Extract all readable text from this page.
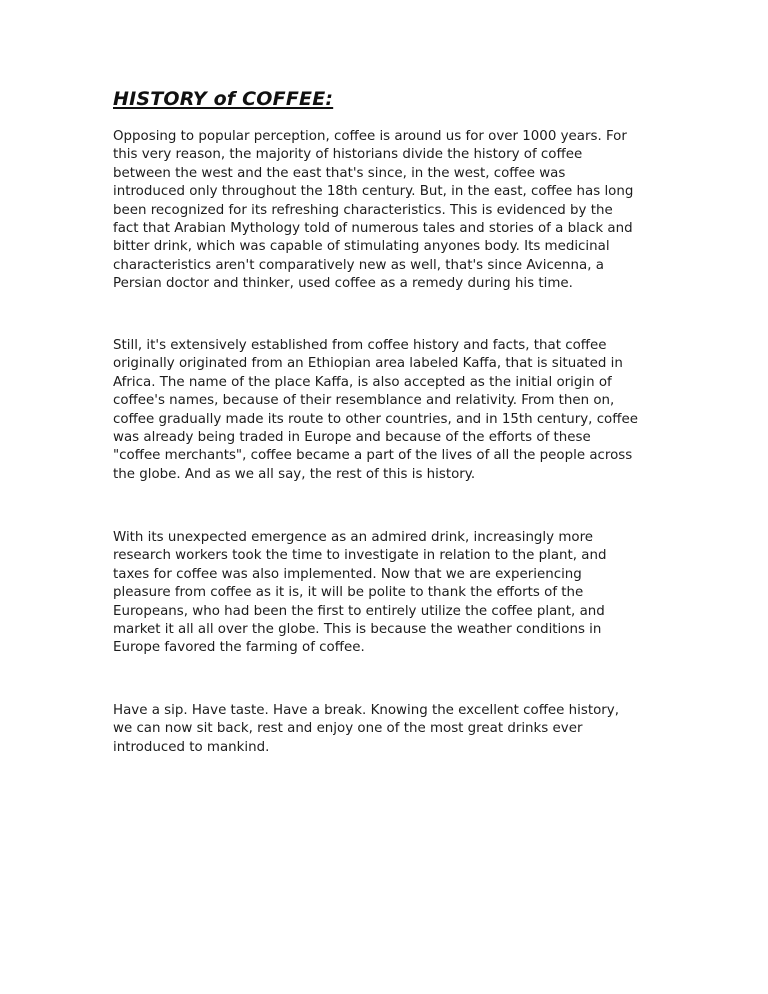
HISTORY of COFFEE:

Opposing to popular perception, coffee is around us for over 1000 years. For
this very reason, the majority of historians divide the history of coffee
between the west and the east that's since, in the west, coffee was
introduced only throughout the 18th century. But, in the east, coffee has long
been recognized for its refreshing characteristics. This is evidenced by the
fact that Arabian Mythology told of numerous tales and stories of a black and
bitter drink, which was capable of stimulating anyones body. Its medicinal
characteristics aren't comparatively new as well, that's since Avicenna, a
Persian doctor and thinker, used coffee as a remedy during his time.

Still, it's extensively established from coffee history and facts, that coffee
originally originated from an Ethiopian area labeled Kaffa, that is situated in
Africa. The name of the place Kaffa, is also accepted as the initial origin of
coffee's names, because of their resemblance and relativity. From then on,
coffee gradually made its route to other countries, and in 15th century, coffee
was already being traded in Europe and because of the efforts of these
"coffee merchants", coffee became a part of the lives of all the people across
the globe. And as we all say, the rest of this is history.

With its unexpected emergence as an admired drink, increasingly more
research workers took the time to investigate in relation to the plant, and
taxes for coffee was also implemented. Now that we are experiencing
pleasure from coffee as it is, it will be polite to thank the efforts of the
Europeans, who had been the first to entirely utilize the coffee plant, and
market it all all over the globe. This is because the weather conditions in
Europe favored the farming of coffee.

Have a sip. Have taste. Have a break. Knowing the excellent coffee history,
we can now sit back, rest and enjoy one of the most great drinks ever
introduced to mankind.
